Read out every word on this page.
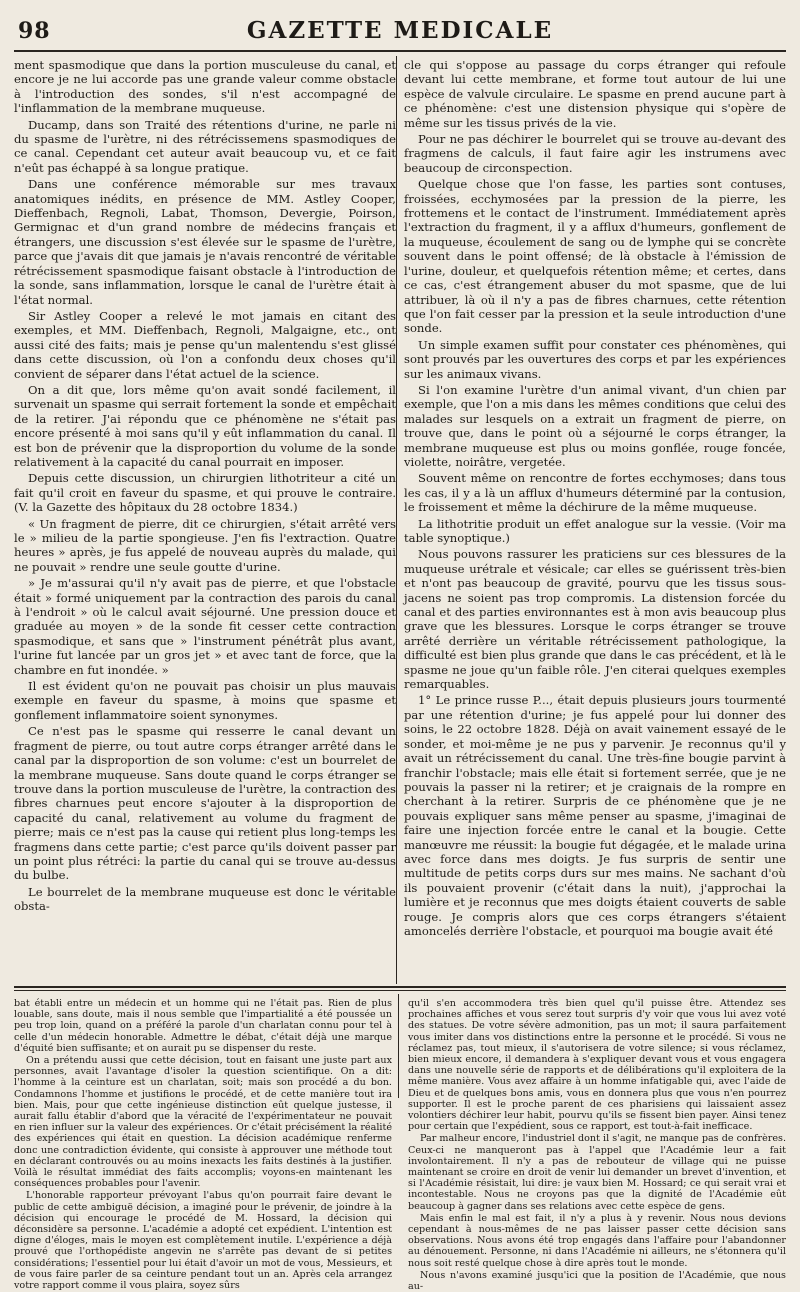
98	GAZETTE MEDICALE

ment spasmodique que dans la portion musculeuse du canal, et encore je ne lui accorde pas une grande valeur comme obstacle à l'introduction des sondes, s'il n'est accompagné de l'inflammation de la membrane muqueuse.

Ducamp, dans son Traité des rétentions d'urine, ne parle ni du spasme de l'urètre, ni des rétrécissemens spasmodiques de ce canal. Cependant cet auteur avait beaucoup vu, et ce fait n'eût pas échappé à sa longue pratique.

Dans une conférence mémorable sur mes travaux anatomiques inédits, en présence de MM. Astley Cooper, Dieffenbach, Regnoli, Labat, Thomson, Devergie, Poirson, Germignac et d'un grand nombre de médecins français et étrangers, une discussion s'est élevée sur le spasme de l'urètre, parce que j'avais dit que jamais je n'avais rencontré de véritable rétrécissement spasmodique faisant obstacle à l'introduction de la sonde, sans inflammation, lorsque le canal de l'urètre était à l'état normal.

Sir Astley Cooper a relevé le mot jamais en citant des exemples, et MM. Dieffenbach, Regnoli, Malgaigne, etc., ont aussi cité des faits; mais je pense qu'un malentendu s'est glissé dans cette discussion, où l'on a confondu deux choses qu'il convient de séparer dans l'état actuel de la science.

On a dit que, lors même qu'on avait sondé facilement, il survenait un spasme qui serrait fortement la sonde et empêchait de la retirer. J'ai répondu que ce phénomène ne s'était pas encore présenté à moi sans qu'il y eût inflammation du canal. Il est bon de prévenir que la disproportion du volume de la sonde relativement à la capacité du canal pourrait en imposer.

Depuis cette discussion, un chirurgien lithotriteur a cité un fait qu'il croit en faveur du spasme, et qui prouve le contraire. (V. la Gazette des hôpitaux du 28 octobre 1834.)

« Un fragment de pierre, dit ce chirurgien, s'était arrêté vers le » milieu de la partie spongieuse. J'en fis l'extraction. Quatre heures » après, je fus appelé de nouveau auprès du malade, qui ne pouvait » rendre une seule goutte d'urine.

» Je m'assurai qu'il n'y avait pas de pierre, et que l'obstacle était » formé uniquement par la contraction des parois du canal à l'endroit » où le calcul avait séjourné. Une pression douce et graduée au moyen » de la sonde fit cesser cette contraction spasmodique, et sans que » l'instrument pénétrât plus avant, l'urine fut lancée par un gros jet » et avec tant de force, que la chambre en fut inondée. »

Il est évident qu'on ne pouvait pas choisir un plus mauvais exemple en faveur du spasme, à moins que spasme et gonflement inflammatoire soient synonymes.

Ce n'est pas le spasme qui resserre le canal devant un fragment de pierre, ou tout autre corps étranger arrêté dans le canal par la disproportion de son volume: c'est un bourrelet de la membrane muqueuse. Sans doute quand le corps étranger se trouve dans la portion musculeuse de l'urètre, la contraction des fibres charnues peut encore s'ajouter à la disproportion de capacité du canal, relativement au volume du fragment de pierre; mais ce n'est pas la cause qui retient plus long-temps les fragmens dans cette partie; c'est parce qu'ils doivent passer par un point plus rétréci: la partie du canal qui se trouve au-dessus du bulbe.

Le bourrelet de la membrane muqueuse est donc le véritable obsta-

cle qui s'oppose au passage du corps étranger qui refoule devant lui cette membrane, et forme tout autour de lui une espèce de valvule circulaire. Le spasme en prend aucune part à ce phénomène: c'est une distension physique qui s'opère de même sur les tissus privés de la vie.

Pour ne pas déchirer le bourrelet qui se trouve au-devant des fragmens de calculs, il faut faire agir les instrumens avec beaucoup de circonspection.

Quelque chose que l'on fasse, les parties sont contuses, froissées, ecchymosées par la pression de la pierre, les frottemens et le contact de l'instrument. Immédiatement après l'extraction du fragment, il y a afflux d'humeurs, gonflement de la muqueuse, écoulement de sang ou de lymphe qui se concrète souvent dans le point offensé; de là obstacle à l'émission de l'urine, douleur, et quelquefois rétention même; et certes, dans ce cas, c'est étrangement abuser du mot spasme, que de lui attribuer, là où il n'y a pas de fibres charnues, cette rétention que l'on fait cesser par la pression et la seule introduction d'une sonde.

Un simple examen suffit pour constater ces phénomènes, qui sont prouvés par les ouvertures des corps et par les expériences sur les animaux vivans.

Si l'on examine l'urètre d'un animal vivant, d'un chien par exemple, que l'on a mis dans les mêmes conditions que celui des malades sur lesquels on a extrait un fragment de pierre, on trouve que, dans le point où a séjourné le corps étranger, la membrane muqueuse est plus ou moins gonflée, rouge foncée, violette, noirâtre, vergetée.

Souvent même on rencontre de fortes ecchymoses; dans tous les cas, il y a là un afflux d'humeurs déterminé par la contusion, le froissement et même la déchirure de la même muqueuse.

La lithotritie produit un effet analogue sur la vessie. (Voir ma table synoptique.)

Nous pouvons rassurer les praticiens sur ces blessures de la muqueuse urétrale et vésicale; car elles se guérissent très-bien et n'ont pas beaucoup de gravité, pourvu que les tissus sous-jacens ne soient pas trop compromis. La distension forcée du canal et des parties environnantes est à mon avis beaucoup plus grave que les blessures. Lorsque le corps étranger se trouve arrêté derrière un véritable rétrécissement pathologique, la difficulté est bien plus grande que dans le cas précédent, et là le spasme ne joue qu'un faible rôle. J'en citerai quelques exemples remarquables.

1° Le prince russe P..., était depuis plusieurs jours tourmenté par une rétention d'urine; je fus appelé pour lui donner des soins, le 22 octobre 1828. Déjà on avait vainement essayé de le sonder, et moi-même je ne pus y parvenir. Je reconnus qu'il y avait un rétrécissement du canal. Une très-fine bougie parvint à franchir l'obstacle; mais elle était si fortement serrée, que je ne pouvais la passer ni la retirer; et je craignais de la rompre en cherchant à la retirer. Surpris de ce phénomène que je ne pouvais expliquer sans même penser au spasme, j'imaginai de faire une injection forcée entre le canal et la bougie. Cette manœuvre me réussit: la bougie fut dégagée, et le malade urina avec force dans mes doigts. Je fus surpris de sentir une multitude de petits corps durs sur mes mains. Ne sachant d'où ils pouvaient provenir (c'était dans la nuit), j'approchai la lumière et je reconnus que mes doigts étaient couverts de sable rouge. Je compris alors que ces corps étrangers s'étaient amoncelés derrière l'obstacle, et pourquoi ma bougie avait été

bat établi entre un médecin et un homme qui ne l'était pas. Rien de plus louable, sans doute, mais il nous semble que l'impartialité a été poussée un peu trop loin, quand on a préféré la parole d'un charlatan connu pour tel à celle d'un médecin honorable. Admettre le débat, c'était déjà une marque d'équité bien suffisante; et on aurait pu se dispenser du reste.

On a prétendu aussi que cette décision, tout en faisant une juste part aux personnes, avait l'avantage d'isoler la question scientifique. On a dit: l'homme à la ceinture est un charlatan, soit; mais son procédé a du bon. Condamnons l'homme et justifions le procédé, et de cette manière tout ira bien. Mais, pour que cette ingénieuse distinction eût quelque justesse, il aurait fallu établir d'abord que la véracité de l'expérimentateur ne pouvait en rien influer sur la valeur des expériences. Or c'était précisément la réalité des expériences qui était en question. La décision académique renferme donc une contradiction évidente, qui consiste à approuver une méthode tout en déclarant controuvés ou au moins inexacts les faits destinés à la justifier. Voilà le résultat immédiat des faits accomplis; voyons-en maintenant les conséquences probables pour l'avenir.

L'honorable rapporteur prévoyant l'abus qu'on pourrait faire devant le public de cette ambiguë décision, a imaginé pour le prévenir, de joindre à la décision qui encourage le procédé de M. Hossard, la décision qui déconsidère sa personne. L'académie a adopté cet expédient. L'intention est digne d'éloges, mais le moyen est complètement inutile. L'expérience a déjà prouvé que l'orthopédiste angevin ne s'arrête pas devant de si petites considérations; l'essentiel pour lui était d'avoir un mot de vous, Messieurs, et de vous faire parler de sa ceinture pendant tout un an. Après cela arrangez votre rapport comme il vous plaira, soyez sûrs

qu'il s'en accommodera très bien quel qu'il puisse être. Attendez ses prochaines affiches et vous serez tout surpris d'y voir que vous lui avez voté des statues. De votre sévère admonition, pas un mot; il saura parfaitement vous imiter dans vos distinctions entre la personne et le procédé. Si vous ne réclamez pas, tout mieux, il s'autorisera de votre silence; si vous réclamez, bien mieux encore, il demandera à s'expliquer devant vous et vous engagera dans une nouvelle série de rapports et de délibérations qu'il exploitera de la même manière. Vous avez affaire à un homme infatigable qui, avec l'aide de Dieu et de quelques bons amis, vous en donnera plus que vous n'en pourrez supporter. Il est le proche parent de ces pharisiens qui laissaient assez volontiers déchirer leur habit, pourvu qu'ils se fissent bien payer. Ainsi tenez pour certain que l'expédient, sous ce rapport, est tout-à-fait inefficace.

Par malheur encore, l'industriel dont il s'agit, ne manque pas de confrères. Ceux-ci ne manqueront pas à l'appel que l'Académie leur a fait involontairement. Il n'y a pas de rebouteur de village qui ne puisse maintenant se croire en droit de venir lui demander un brevet d'invention, et si l'Académie résistait, lui dire: je vaux bien M. Hossard; ce qui serait vrai et incontestable. Nous ne croyons pas que la dignité de l'Académie eût beaucoup à gagner dans ses relations avec cette espèce de gens.

Mais enfin le mal est fait, il n'y a plus à y revenir. Nous nous devions cependant à nous-mêmes de ne pas laisser passer cette décision sans observations. Nous avons été trop engagés dans l'affaire pour l'abandonner au dénouement. Personne, ni dans l'Académie ni ailleurs, ne s'étonnera qu'il nous soit resté quelque chose à dire après tout le monde.

Nous n'avons examiné jusqu'ici que la position de l'Académie, que nous au-
